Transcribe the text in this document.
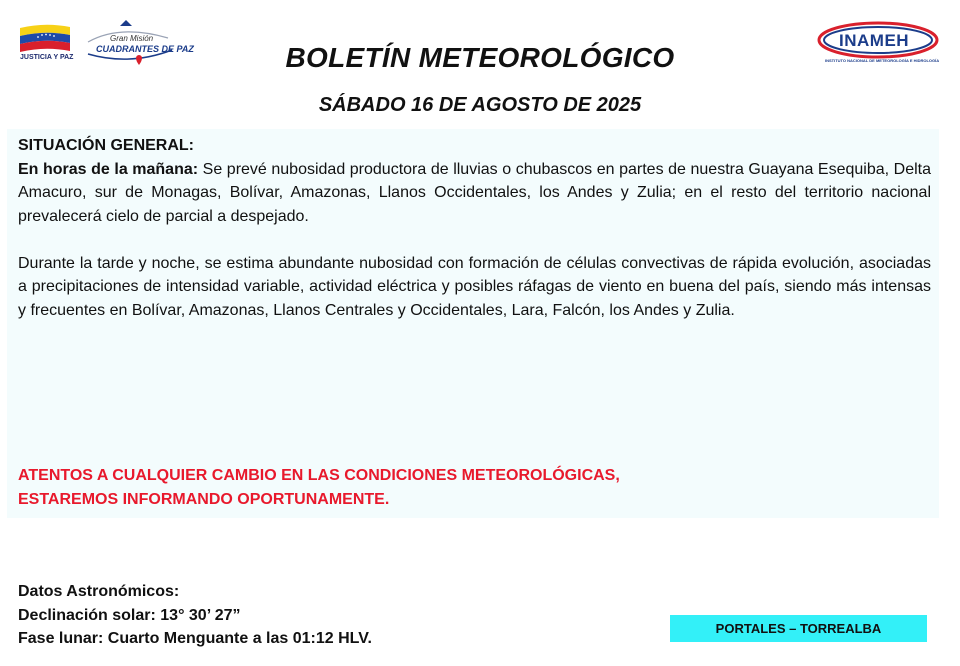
JUSTICIA Y PAZ
Gran Misión
CUADRANTES DE PAZ	INAMEH
INSTITUTO NACIONAL DE METEOROLOGÍA E HIDROLOGÍA
BOLETÍN METEOROLÓGICO
SÁBADO 16 DE AGOSTO DE 2025

SITUACIÓN GENERAL:

En horas de la mañana: Se prevé nubosidad productora de lluvias o chubascos en partes de nuestra Guayana Esequiba, Delta Amacuro, sur de Monagas, Bolívar, Amazonas, Llanos Occidentales, los Andes y Zulia; en el resto del territorio nacional prevalecerá cielo de parcial a despejado.

Durante la tarde y noche, se estima abundante nubosidad con formación de células convectivas de rápida evolución, asociadas a precipitaciones de intensidad variable, actividad eléctrica y posibles ráfagas de viento en buena del país, siendo más intensas y frecuentes en Bolívar, Amazonas, Llanos Centrales y Occidentales, Lara, Falcón, los Andes y Zulia.

ATENTOS A CUALQUIER CAMBIO EN LAS CONDICIONES METEOROLÓGICAS,
ESTAREMOS INFORMANDO OPORTUNAMENTE.
Datos Astronómicos:
Declinación solar: 13° 30’ 27”
Fase lunar: Cuarto Menguante a las 01:12 HLV.
PORTALES – TORREALBA
